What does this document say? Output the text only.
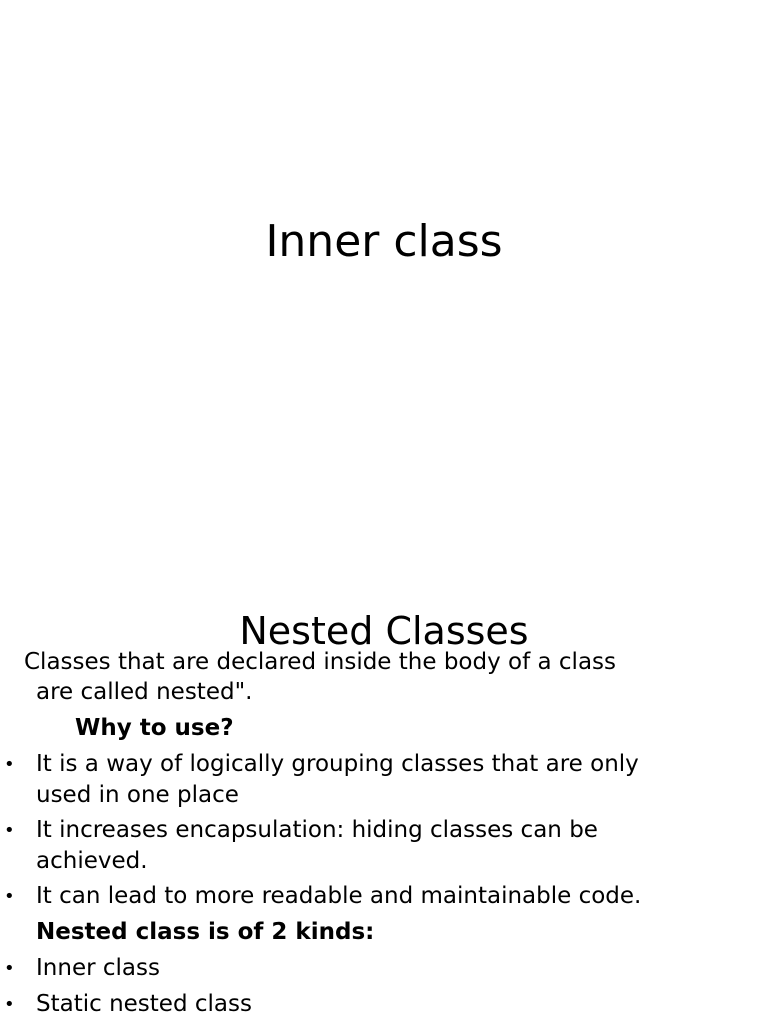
Inner class
Nested Classes

Classes that are declared inside the body of a class

are called nested".

Why to use?

• It is a way of logically grouping classes that are only

used in one place

• It increases encapsulation: hiding classes can be

achieved.

• It can lead to more readable and maintainable code.

Nested class is of 2 kinds:

• Inner class

• Static nested class
